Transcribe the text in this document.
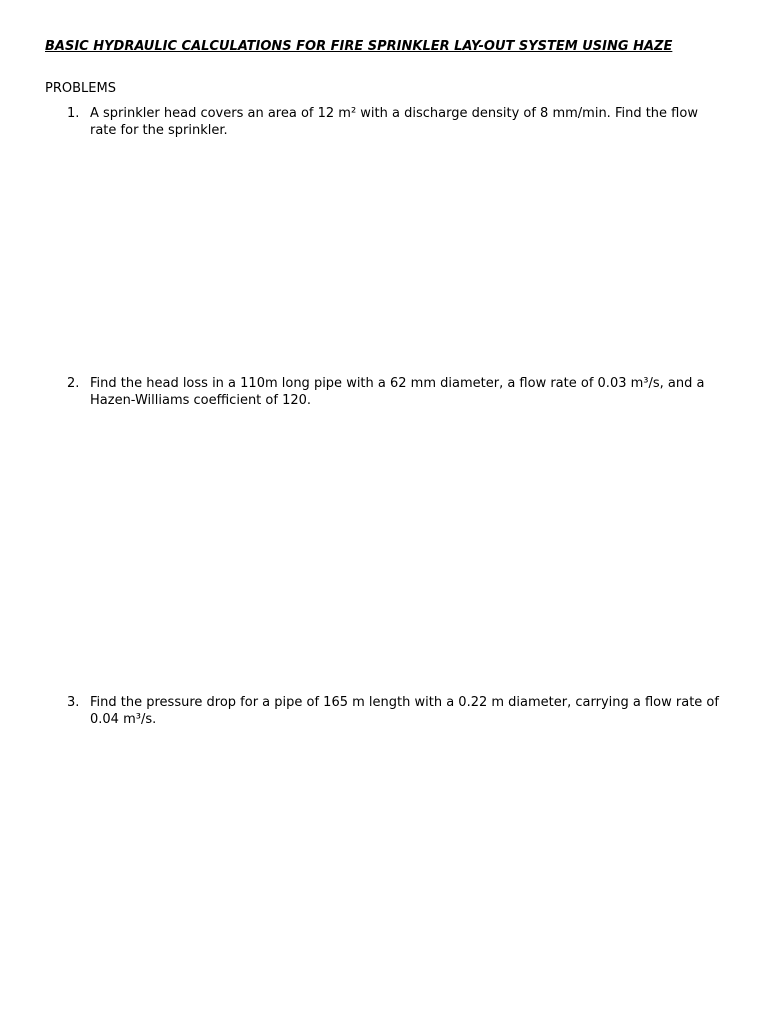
BASIC HYDRAULIC CALCULATIONS FOR FIRE SPRINKLER LAY-OUT SYSTEM USING HAZE

PROBLEMS

1. A sprinkler head covers an area of 12 m² with a discharge density of 8 mm/min. Find the flow rate for the sprinkler.
2. Find the head loss in a 110m long pipe with a 62 mm diameter, a flow rate of 0.03 m³/s, and a Hazen-Williams coefficient of 120.
3. Find the pressure drop for a pipe of 165 m length with a 0.22 m diameter, carrying a flow rate of 0.04 m³/s.
